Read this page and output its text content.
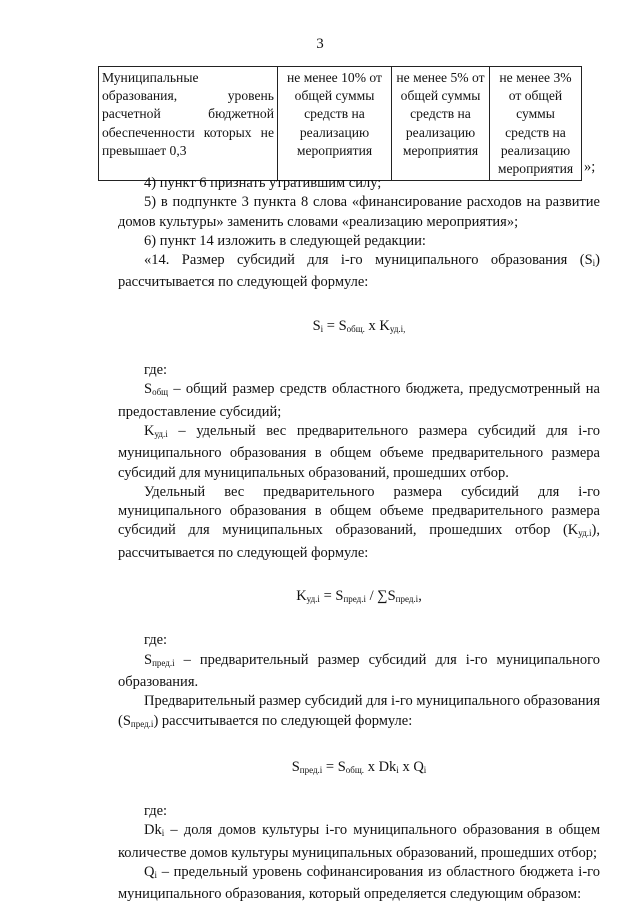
3
Муниципальные образования, уровень расчетной бюджетной обеспеченности которых не превышает 0,3	не менее 10% от общей суммы средств на реализацию мероприятия	не менее 5% от общей суммы средств на реализацию мероприятия	не менее 3% от общей суммы средств на реализацию мероприятия »;

4) пункт 6 признать утратившим силу;

5) в подпункте 3 пункта 8 слова «финансирование расходов на развитие домов культуры» заменить словами «реализацию мероприятия»;

6) пункт 14 изложить в следующей редакции:

«14. Размер субсидий для i-го муниципального образования $(S_i)$ рассчитывается по следующей формуле:

$S_i = S_{общ.}$ x $K_{уд.i,}$

где:

$S_{общ}$ – общий размер средств областного бюджета, предусмотренный на предоставление субсидий;

$K_{уд.i}$ – удельный вес предварительного размера субсидий для i-го муниципального образования в общем объеме предварительного размера субсидий для муниципальных образований, прошедших отбор.

Удельный вес предварительного размера субсидий для i-го муниципального образования в общем объеме предварительного размера субсидий для муниципальных образований, прошедших отбор $(K_{уд.i})$, рассчитывается по следующей формуле:

$K_{уд.i} = S_{пред.i} / \sum S_{пред.i}$,

где:

$S_{пред.i}$ – предварительный размер субсидий для i-го муниципального образования.

Предварительный размер субсидий для i-го муниципального образования $(S_{пред.i})$ рассчитывается по следующей формуле:

$S_{пред.i} = S_{общ.}$ x $Dk_i$ x $Q_i$

где:

$Dk_i$ – доля домов культуры i-го муниципального образования в общем количестве домов культуры муниципальных образований, прошедших отбор;

$Q_i$ – предельный уровень софинансирования из областного бюджета i-го муниципального образования, который определяется следующим образом:
